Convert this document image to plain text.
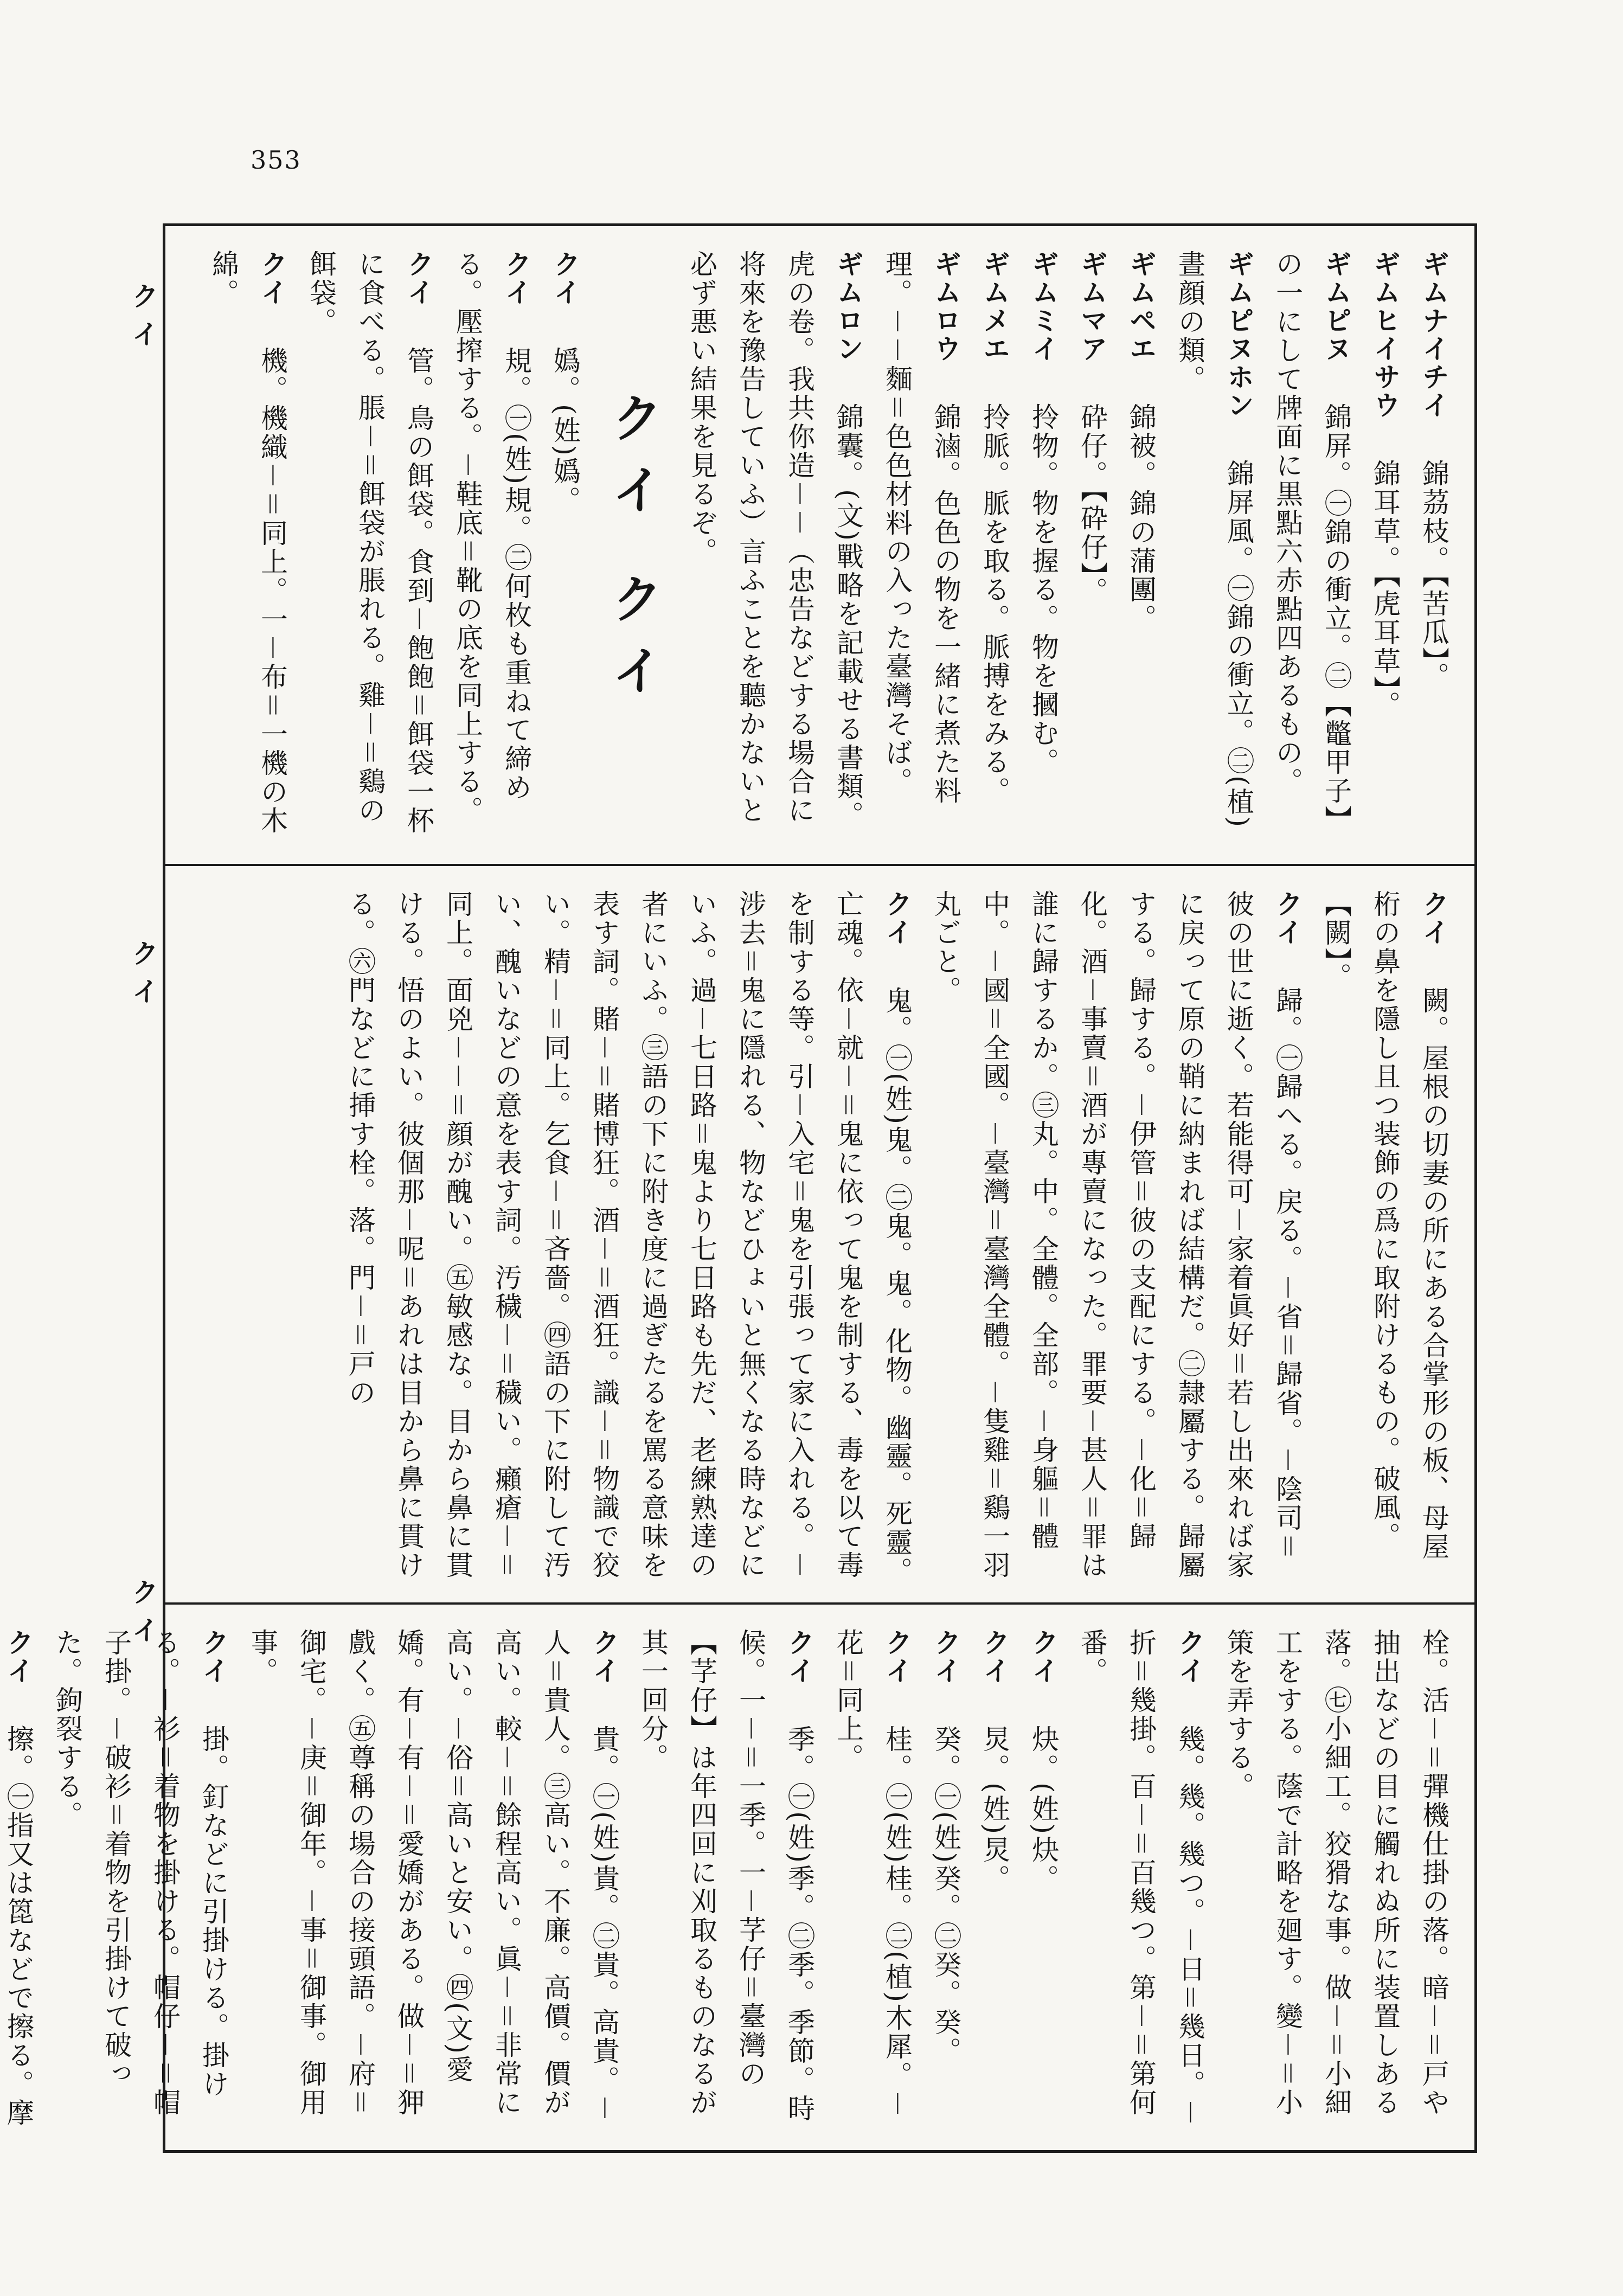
353
クイ
クイ
クイ

ギムナイチイ　錦茘枝。【苦瓜】。

ギムヒイサウ　錦耳草。【虎耳草】。

ギムピヌ　錦屏。㊀錦の衝立。㊁【鼈甲子】の一にして牌面に黒點六赤點四あるもの。

ギムピヌホン　錦屏風。㊀錦の衝立。㊁(植)晝顔の類。

ギムペエ　錦被。錦の蒲團。

ギムマア　砕仔。【砕仔】。

ギムミイ　拎物。物を握る。物を摑む。

ギムメエ　拎脈。脈を取る。脈搏をみる。

ギムロウ　錦滷。色色の物を一緒に煮た料理。－－麵＝色色材料の入った臺灣そば。

ギムロン　錦囊。(文)戰略を記載せる書類。虎の卷。我共你造－－（忠告などする場合に将來を豫告していふ）言ふことを聽かないと必ず悪い結果を見るぞ。

クイ クイ

クイ　嬀。(姓)嬀。

クイ　規。㊀(姓)規。㊁何枚も重ねて締める。壓搾する。－鞋底＝靴の底を同上する。

クイ　管。鳥の餌袋。食到－飽飽＝餌袋一杯に食べる。脹－＝餌袋が脹れる。雞－＝鷄の餌袋。

クイ　機。機織－＝同上。一－布＝一機の木綿。

クイ　闕。屋根の切妻の所にある合掌形の板、母屋桁の鼻を隱し且つ装飾の爲に取附けるもの。破風。【闕】。

クイ　歸。㊀歸へる。戻る。－省＝歸省。－陰司＝彼の世に逝く。若能得可－家着眞好＝若し出來れば家に戻って原の鞘に納まれば結構だ。㊁隷屬する。歸屬する。歸する。－伊管＝彼の支配にする。－化＝歸化。酒－事賣＝酒が專賣になった。罪要－甚人＝罪は誰に歸するか。㊂丸。中。全體。全部。－身軀＝體中。－國＝全國。－臺灣＝臺灣全體。－隻雞＝鷄一羽丸ごと。

クイ　鬼。㊀(姓)鬼。㊁鬼。鬼。化物。幽靈。死靈。亡魂。依－就－＝鬼に依って鬼を制する、毒を以て毒を制する等。引－入宅＝鬼を引張って家に入れる。－涉去＝鬼に隱れる、物などひょいと無くなる時などにいふ。過－七日路＝鬼より七日路も先だ、老練熟達の者にいふ。㊂語の下に附き度に過ぎたるを罵る意味を表す詞。賭－＝賭博狂。酒－＝酒狂。識－＝物識で狡い。精－＝同上。乞食－＝吝嗇。㊃語の下に附して汚い、醜いなどの意を表す詞。汚穢－＝穢い。癩瘡－＝同上。面兇－－＝顔が醜い。㊄敏感な。目から鼻に貫ける。悟のよい。彼個那－呢＝あれは目から鼻に貫ける。㊅門などに挿す栓。落。門－＝戸の

栓。活－＝彈機仕掛の落。暗－＝戸や抽出などの目に觸れぬ所に装置しある落。㊆小細工。狡猾な事。做－＝小細工をする。蔭で計略を廻す。變－＝小策を弄する。

クイ　幾。幾。幾つ。－日＝幾日。－折＝幾掛。百－＝百幾つ。第－＝第何番。

クイ　炔。(姓)炔。

クイ　炅。(姓)炅。

クイ　癸。㊀(姓)癸。㊁癸。癸。

クイ　桂。㊀(姓)桂。㊁(植)木犀。－花＝同上。

クイ　季。㊀(姓)季。㊁季。季節。時候。一－＝一季。一－芓仔＝臺灣の【芓仔】は年四回に刈取るものなるが其一回分。

クイ　貴。㊀(姓)貴。㊁貴。高貴。－人＝貴人。㊂高い。不廉。高價。價が高い。較－＝餘程高い。眞－＝非常に高い。－俗＝高いと安い。㊃(文)愛嬌。有－有－＝愛嬌がある。做－＝狎戲く。㊄尊稱の場合の接頭語。－府＝御宅。－庚＝御年。－事＝御事。御用事。

クイ　掛。釘などに引掛ける。掛ける。－衫＝着物を掛ける。帽仔－＝帽子掛。－破衫＝着物を引掛けて破った。鉤裂する。

クイ　擦。㊀指又は箆などで擦る。摩
